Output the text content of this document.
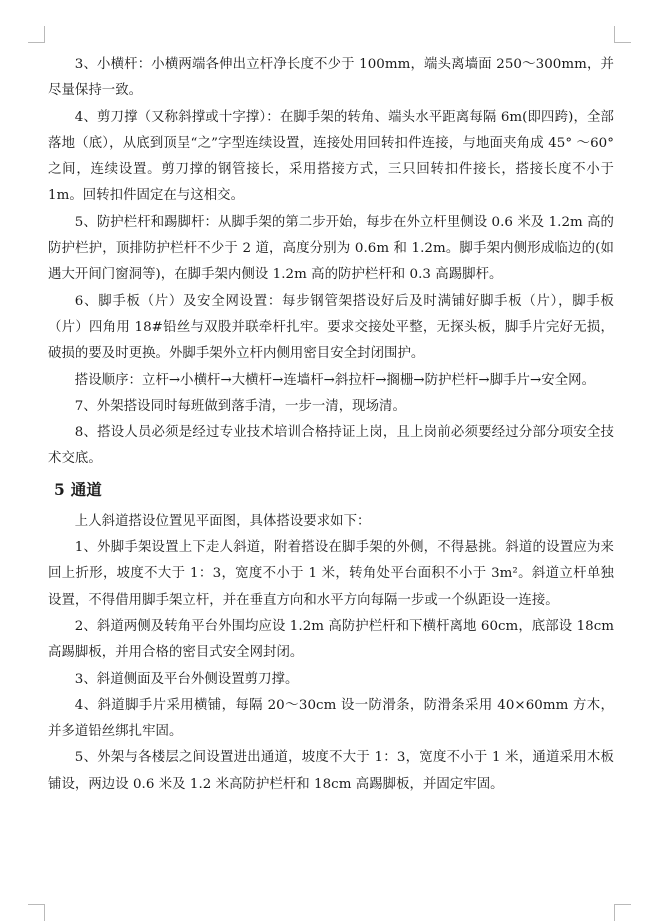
3、小横杆：小横两端各伸出立杆净长度不少于 100mm，端头离墙面 250～300mm，并尽量保持一致。

4、剪刀撑（又称斜撑或十字撑）：在脚手架的转角、端头水平距离每隔 6m(即四跨)，全部落地（底），从底到顶呈“之”字型连续设置，连接处用回转扣件连接，与地面夹角成 45° ～60° 之间，连续设置。剪刀撑的钢管接长，采用搭接方式，三只回转扣件接长，搭接长度不小于 1m。回转扣件固定在与这相交。

5、防护栏杆和踢脚杆：从脚手架的第二步开始，每步在外立杆里侧设 0.6 米及 1.2m 高的防护栏护，顶排防护栏杆不少于 2 道，高度分别为 0.6m 和 1.2m。脚手架内侧形成临边的(如遇大开间门窗洞等)，在脚手架内侧设 1.2m 高的防护栏杆和 0.3 高踢脚杆。

6、脚手板（片）及安全网设置：每步钢管架搭设好后及时满铺好脚手板（片），脚手板（片）四角用 18#铅丝与双股并联牵杆扎牢。要求交接处平整，无探头板，脚手片完好无损，破损的要及时更换。外脚手架外立杆内侧用密目安全封闭围护。

搭设顺序：立杆→小横杆→大横杆→连墙杆→斜拉杆→搁栅→防护栏杆→脚手片→安全网。

7、外架搭设同时每班做到落手清，一步一清，现场清。

8、搭设人员必须是经过专业技术培训合格持证上岗，且上岗前必须要经过分部分项安全技术交底。

5 通道

上人斜道搭设位置见平面图，具体搭设要求如下：

1、外脚手架设置上下走人斜道，附着搭设在脚手架的外侧，不得悬挑。斜道的设置应为来回上折形，坡度不大于 1：3，宽度不小于 1 米，转角处平台面积不小于 3m²。斜道立杆单独设置，不得借用脚手架立杆，并在垂直方向和水平方向每隔一步或一个纵距设一连接。

2、斜道两侧及转角平台外围均应设 1.2m 高防护栏杆和下横杆离地 60cm，底部设 18cm 高踢脚板，并用合格的密目式安全网封闭。

3、斜道侧面及平台外侧设置剪刀撑。

4、斜道脚手片采用横铺，每隔 20～30cm 设一防滑条，防滑条采用 40×60mm 方木，并多道铅丝绑扎牢固。

5、外架与各楼层之间设置进出通道，坡度不大于 1：3，宽度不小于 1 米，通道采用木板铺设，两边设 0.6 米及 1.2 米高防护栏杆和 18cm 高踢脚板，并固定牢固。
